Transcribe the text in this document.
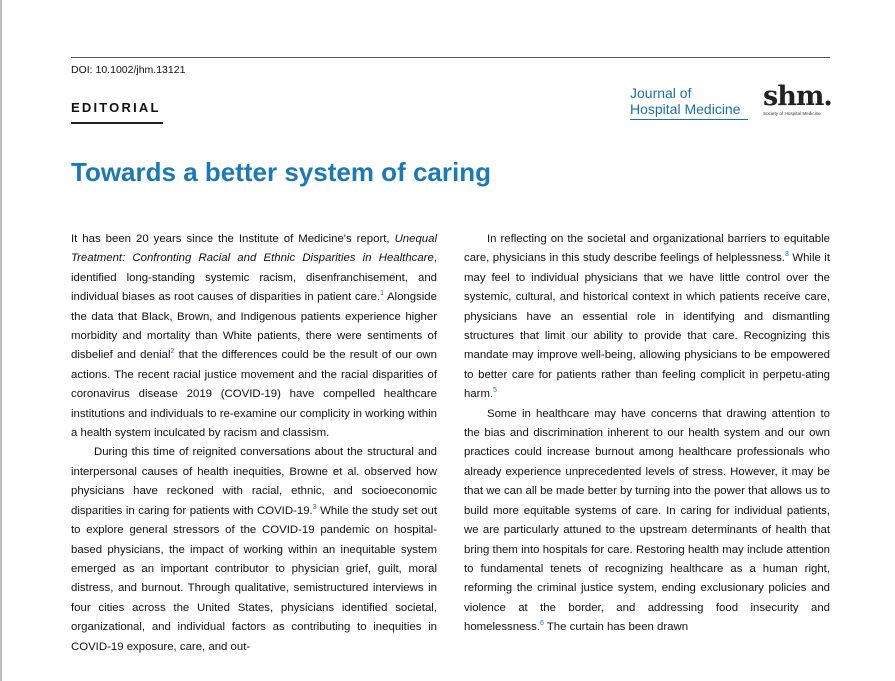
DOI: 10.1002/jhm.13121
EDITORIAL
Journal of
Hospital Medicine shm.
Society of Hospital Medicine
Towards a better system of caring

It has been 20 years since the Institute of Medicine's report, Unequal Treatment: Confronting Racial and Ethnic Disparities in Healthcare, identified long-standing systemic racism, disenfranchisement, and individual biases as root causes of disparities in patient care.$^1$ Alongside the data that Black, Brown, and Indigenous patients experience higher morbidity and mortality than White patients, there were sentiments of disbelief and denial$^2$ that the differences could be the result of our own actions. The recent racial justice movement and the racial disparities of coronavirus disease 2019 (COVID-19) have compelled healthcare institutions and individuals to re-examine our complicity in working within a health system inculcated by racism and classism.

During this time of reignited conversations about the structural and interpersonal causes of health inequities, Browne et al. observed how physicians have reckoned with racial, ethnic, and socioeconomic disparities in caring for patients with COVID-19.$^3$ While the study set out to explore general stressors of the COVID-19 pandemic on hospital-based physicians, the impact of working within an inequitable system emerged as an important contributor to physician grief, guilt, moral distress, and burnout. Through qualitative, semistructured interviews in four cities across the United States, physicians identified societal, organizational, and individual factors as contributing to inequities in COVID-19 exposure, care, and out-

In reflecting on the societal and organizational barriers to equitable care, physicians in this study describe feelings of helplessness.$^3$ While it may feel to individual physicians that we have little control over the systemic, cultural, and historical context in which patients receive care, physicians have an essential role in identifying and dismantling structures that limit our ability to provide that care. Recognizing this mandate may improve well-being, allowing physicians to be empowered to better care for patients rather than feeling complicit in perpetu-ating harm.$^5$

Some in healthcare may have concerns that drawing attention to the bias and discrimination inherent to our health system and our own practices could increase burnout among healthcare professionals who already experience unprecedented levels of stress. However, it may be that we can all be made better by turning into the power that allows us to build more equitable systems of care. In caring for individual patients, we are particularly attuned to the upstream determinants of health that bring them into hospitals for care. Restoring health may include attention to fundamental tenets of recognizing healthcare as a human right, reforming the criminal justice system, ending exclusionary policies and violence at the border, and addressing food insecurity and homelessness.$^6$ The curtain has been drawn
